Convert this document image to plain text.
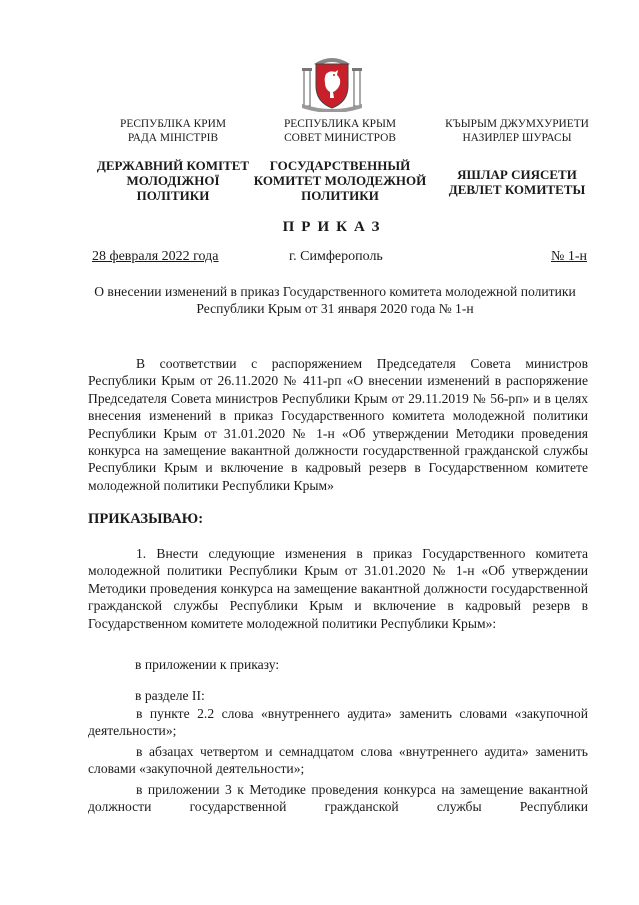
РЕСПУБЛІКА КРИМ
РАДА МІНІСТРІВ
ДЕРЖАВНИЙ КОМІТЕТ
МОЛОДІЖНОЇ
ПОЛІТИКИ
РЕСПУБЛИКА КРЫМ
СОВЕТ МИНИСТРОВ
ГОСУДАРСТВЕННЫЙ
КОМИТЕТ МОЛОДЕЖНОЙ
ПОЛИТИКИ
КЪЫРЫМ ДЖУМХУРИЕТИ
НАЗИРЛЕР ШУРАСЫ
ЯШЛАР СИЯСЕТИ
ДЕВЛЕТ КОМИТЕТЫ
ПРИКАЗ
28 февраля 2022 года	г. Симферополь	№ 1-н
О внесении изменений в приказ Государственного комитета молодежной политики Республики Крым от 31 января 2020 года № 1-н
В соответствии с распоряжением Председателя Совета министров Республики Крым от 26.11.2020 № 411-рп «О внесении изменений в распоряжение Председателя Совета министров Республики Крым от 29.11.2019 № 56-рп» и в целях внесения изменений в приказ Государственного комитета молодежной политики Республики Крым от 31.01.2020 № 1-н «Об утверждении Методики проведения конкурса на замещение вакантной должности государственной гражданской службы Республики Крым и включение в кадровый резерв в Государственном комитете молодежной политики Республики Крым»
ПРИКАЗЫВАЮ:
1. Внести следующие изменения в приказ Государственного комитета молодежной политики Республики Крым от 31.01.2020 № 1-н «Об утверждении Методики проведения конкурса на замещение вакантной должности государственной гражданской службы Республики Крым и включение в кадровый резерв в Государственном комитете молодежной политики Республики Крым»:
в приложении к приказу:
в разделе II:
в пункте 2.2 слова «внутреннего аудита» заменить словами «закупочной деятельности»;
в абзацах четвертом и семнадцатом слова «внутреннего аудита» заменить словами «закупочной деятельности»;
в приложении 3 к Методике проведения конкурса на замещение вакантной должности государственной гражданской службы Республики
